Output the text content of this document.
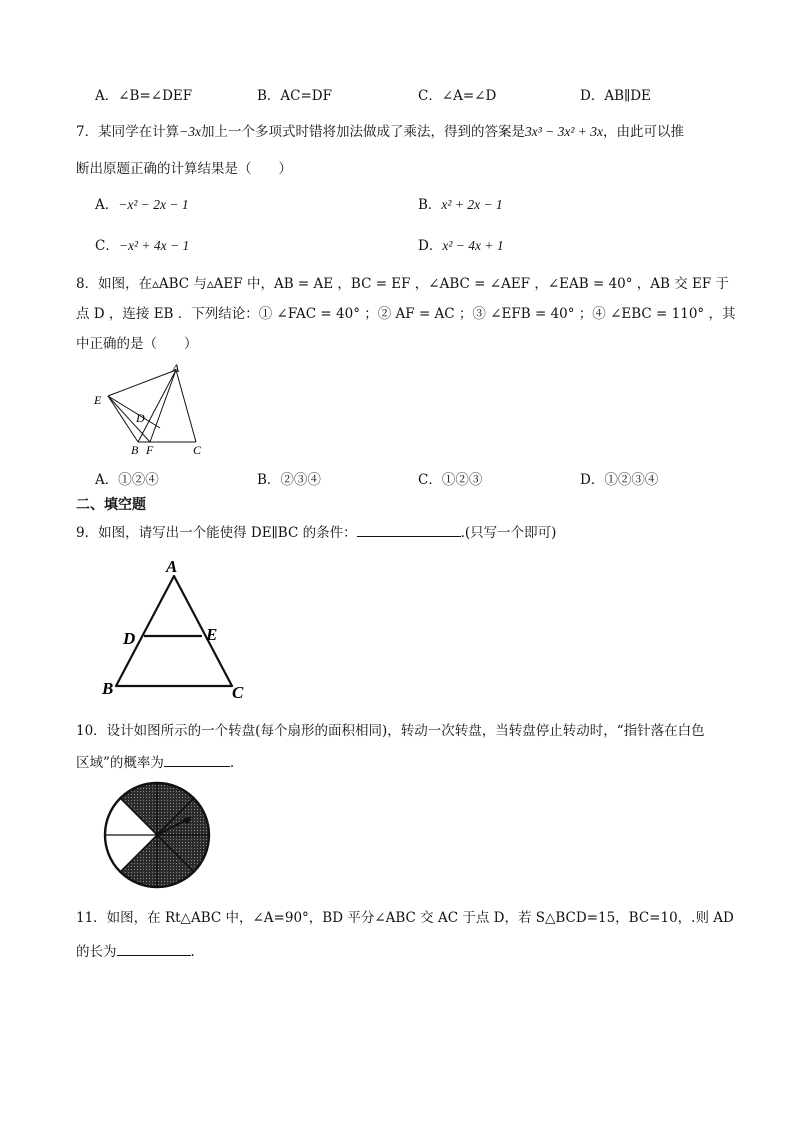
A．∠B=∠DEF	B．AC=DF	C．∠A=∠D	D．AB∥DE
7．某同学在计算−3x加上一个多项式时错将加法做成了乘法，得到的答案是3x³ − 3x² + 3x，由此可以推
断出原题正确的计算结果是（　　）
A．−x² − 2x − 1	B．x² + 2x − 1
C．−x² + 4x − 1	D．x² − 4x + 1
8．如图，在▵ABC 与▵AEF 中，AB = AE ，BC = EF ，∠ABC = ∠AEF ，∠EAB = 40° ，AB 交 EF 于
点 D ，连接 EB ．下列结论：① ∠FAC = 40° ；② AF = AC ；③ ∠EFB = 40° ；④ ∠EBC = 110° ，其
中正确的是（　　）
A
E
D
B F	C
A．①②④	B．②③④	C．①②③	D．①②③④
二、填空题
9．如图，请写出一个能使得 DE∥BC 的条件：	.(只写一个即可)
A
D	E
B	C
10．设计如图所示的一个转盘(每个扇形的面积相同)，转动一次转盘，当转盘停止转动时，“指针落在白色
区域”的概率为	.
11．如图，在 Rt△ABC 中，∠A=90°，BD 平分∠ABC 交 AC 于点 D，若 S△BCD=15，BC=10，.则 AD
的长为	.
